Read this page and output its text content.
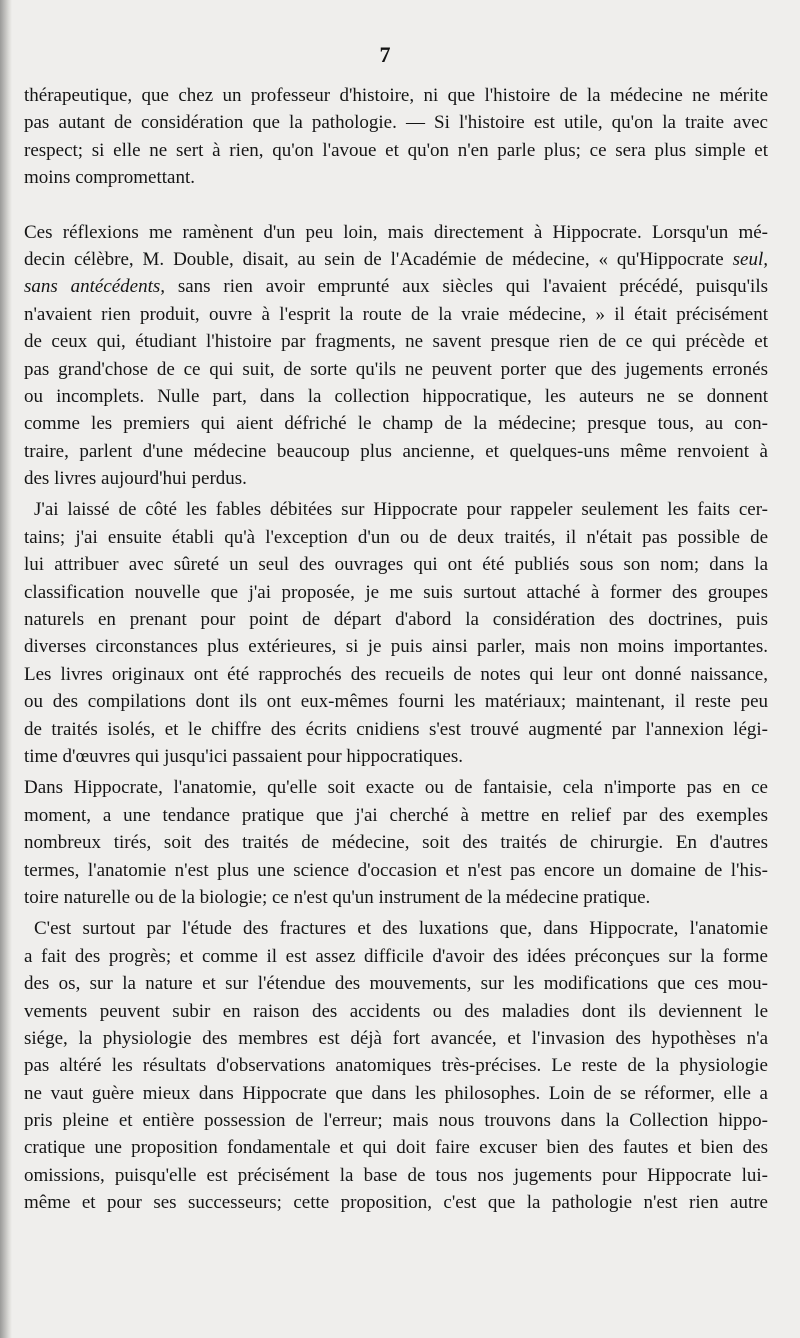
7
thérapeutique, que chez un professeur d'histoire, ni que l'histoire de la médecine ne mérite
pas autant de considération que la pathologie. — Si l'histoire est utile, qu'on la traite avec
respect; si elle ne sert à rien, qu'on l'avoue et qu'on n'en parle plus; ce sera plus simple et
moins compromettant.
Ces réflexions me ramènent d'un peu loin, mais directement à Hippocrate. Lorsqu'un mé-
decin célèbre, M. Double, disait, au sein de l'Académie de médecine, « qu'Hippocrate seul,
sans antécédents, sans rien avoir emprunté aux siècles qui l'avaient précédé, puisqu'ils
n'avaient rien produit, ouvre à l'esprit la route de la vraie médecine, » il était précisément
de ceux qui, étudiant l'histoire par fragments, ne savent presque rien de ce qui précède et
pas grand'chose de ce qui suit, de sorte qu'ils ne peuvent porter que des jugements erronés
ou incomplets. Nulle part, dans la collection hippocratique, les auteurs ne se donnent
comme les premiers qui aient défriché le champ de la médecine; presque tous, au con-
traire, parlent d'une médecine beaucoup plus ancienne, et quelques-uns même renvoient à
des livres aujourd'hui perdus.
J'ai laissé de côté les fables débitées sur Hippocrate pour rappeler seulement les faits cer-
tains; j'ai ensuite établi qu'à l'exception d'un ou de deux traités, il n'était pas possible de
lui attribuer avec sûreté un seul des ouvrages qui ont été publiés sous son nom; dans la
classification nouvelle que j'ai proposée, je me suis surtout attaché à former des groupes
naturels en prenant pour point de départ d'abord la considération des doctrines, puis
diverses circonstances plus extérieures, si je puis ainsi parler, mais non moins importantes.
Les livres originaux ont été rapprochés des recueils de notes qui leur ont donné naissance,
ou des compilations dont ils ont eux-mêmes fourni les matériaux; maintenant, il reste peu
de traités isolés, et le chiffre des écrits cnidiens s'est trouvé augmenté par l'annexion légi-
time d'œuvres qui jusqu'ici passaient pour hippocratiques.
Dans Hippocrate, l'anatomie, qu'elle soit exacte ou de fantaisie, cela n'importe pas en ce
moment, a une tendance pratique que j'ai cherché à mettre en relief par des exemples
nombreux tirés, soit des traités de médecine, soit des traités de chirurgie. En d'autres
termes, l'anatomie n'est plus une science d'occasion et n'est pas encore un domaine de l'his-
toire naturelle ou de la biologie; ce n'est qu'un instrument de la médecine pratique.
C'est surtout par l'étude des fractures et des luxations que, dans Hippocrate, l'anatomie
a fait des progrès; et comme il est assez difficile d'avoir des idées préconçues sur la forme
des os, sur la nature et sur l'étendue des mouvements, sur les modifications que ces mou-
vements peuvent subir en raison des accidents ou des maladies dont ils deviennent le
siége, la physiologie des membres est déjà fort avancée, et l'invasion des hypothèses n'a
pas altéré les résultats d'observations anatomiques très-précises. Le reste de la physiologie
ne vaut guère mieux dans Hippocrate que dans les philosophes. Loin de se réformer, elle a
pris pleine et entière possession de l'erreur; mais nous trouvons dans la Collection hippo-
cratique une proposition fondamentale et qui doit faire excuser bien des fautes et bien des
omissions, puisqu'elle est précisément la base de tous nos jugements pour Hippocrate lui-
même et pour ses successeurs; cette proposition, c'est que la pathologie n'est rien autre
